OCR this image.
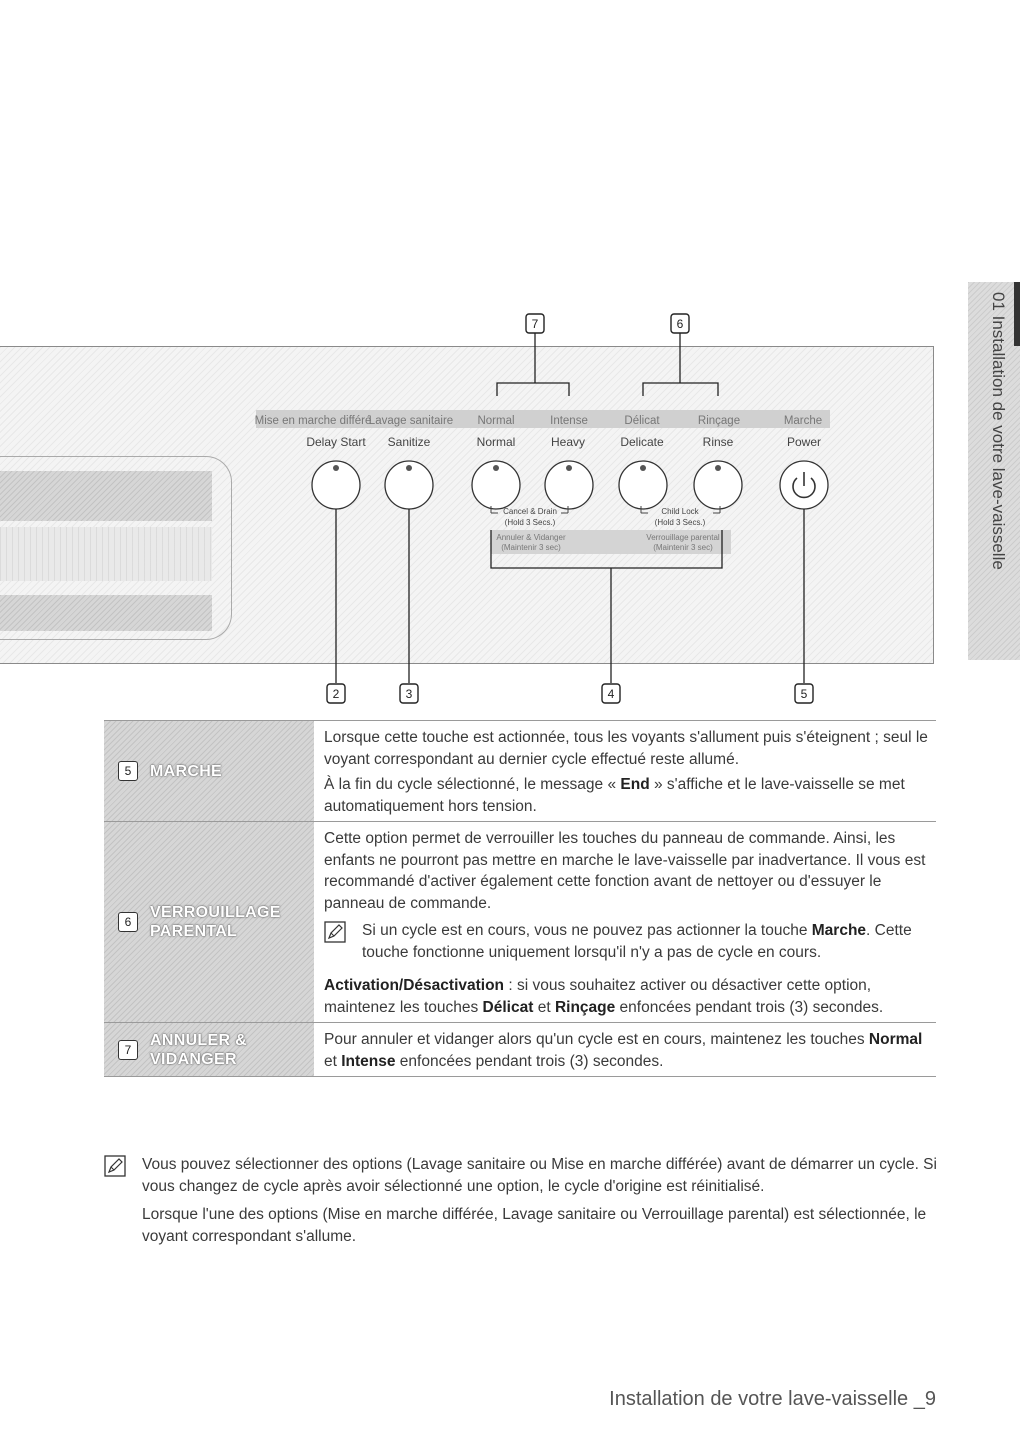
Mise en marche différé
Lavage sanitaire Normal	Intense	Délicat	Rinçage	Marche
Delay Start Sanitize	Normal	Heavy	Delicate	Rinse	Power
Cancel & Drain
(Hold 3 Secs.)
Child Lock
(Hold 3 Secs.)
Annuler & Vidanger
(Maintenir 3 sec)
Verrouillage parental
(Maintenir 3 sec)
7	6
2	3	4	5
01 Installation de votre lave-vaisselle
5	MARCHE

Lorsque cette touche est actionnée, tous les voyants s'allument puis s'éteignent ; seul le voyant correspondant au dernier cycle effectué reste allumé.

À la fin du cycle sélectionné, le message « End » s'affiche et le lave-vaisselle se met automatiquement hors tension.

6
VERROUILLAGE
PARENTAL

Cette option permet de verrouiller les touches du panneau de commande. Ainsi, les enfants ne pourront pas mettre en marche le lave-vaisselle par inadvertance. Il vous est recommandé d'activer également cette fonction avant de nettoyer ou d'essuyer le panneau de commande.

Si un cycle est en cours, vous ne pouvez pas actionner la touche Marche. Cette touche fonctionne uniquement lorsqu'il n'y a pas de cycle en cours.

Activation/Désactivation : si vous souhaitez activer ou désactiver cette option, maintenez les touches Délicat et Rinçage enfoncées pendant trois (3) secondes.

7
ANNULER &
VIDANGER

Pour annuler et vidanger alors qu'un cycle est en cours, maintenez les touches Normal et Intense enfoncées pendant trois (3) secondes.

Vous pouvez sélectionner des options (Lavage sanitaire ou Mise en marche différée) avant de démarrer un cycle. Si vous changez de cycle après avoir sélectionné une option, le cycle d'origine est réinitialisé.

Lorsque l'une des options (Mise en marche différée, Lavage sanitaire ou Verrouillage parental) est sélectionnée, le voyant correspondant s'allume.

Installation de votre lave-vaisselle _9
